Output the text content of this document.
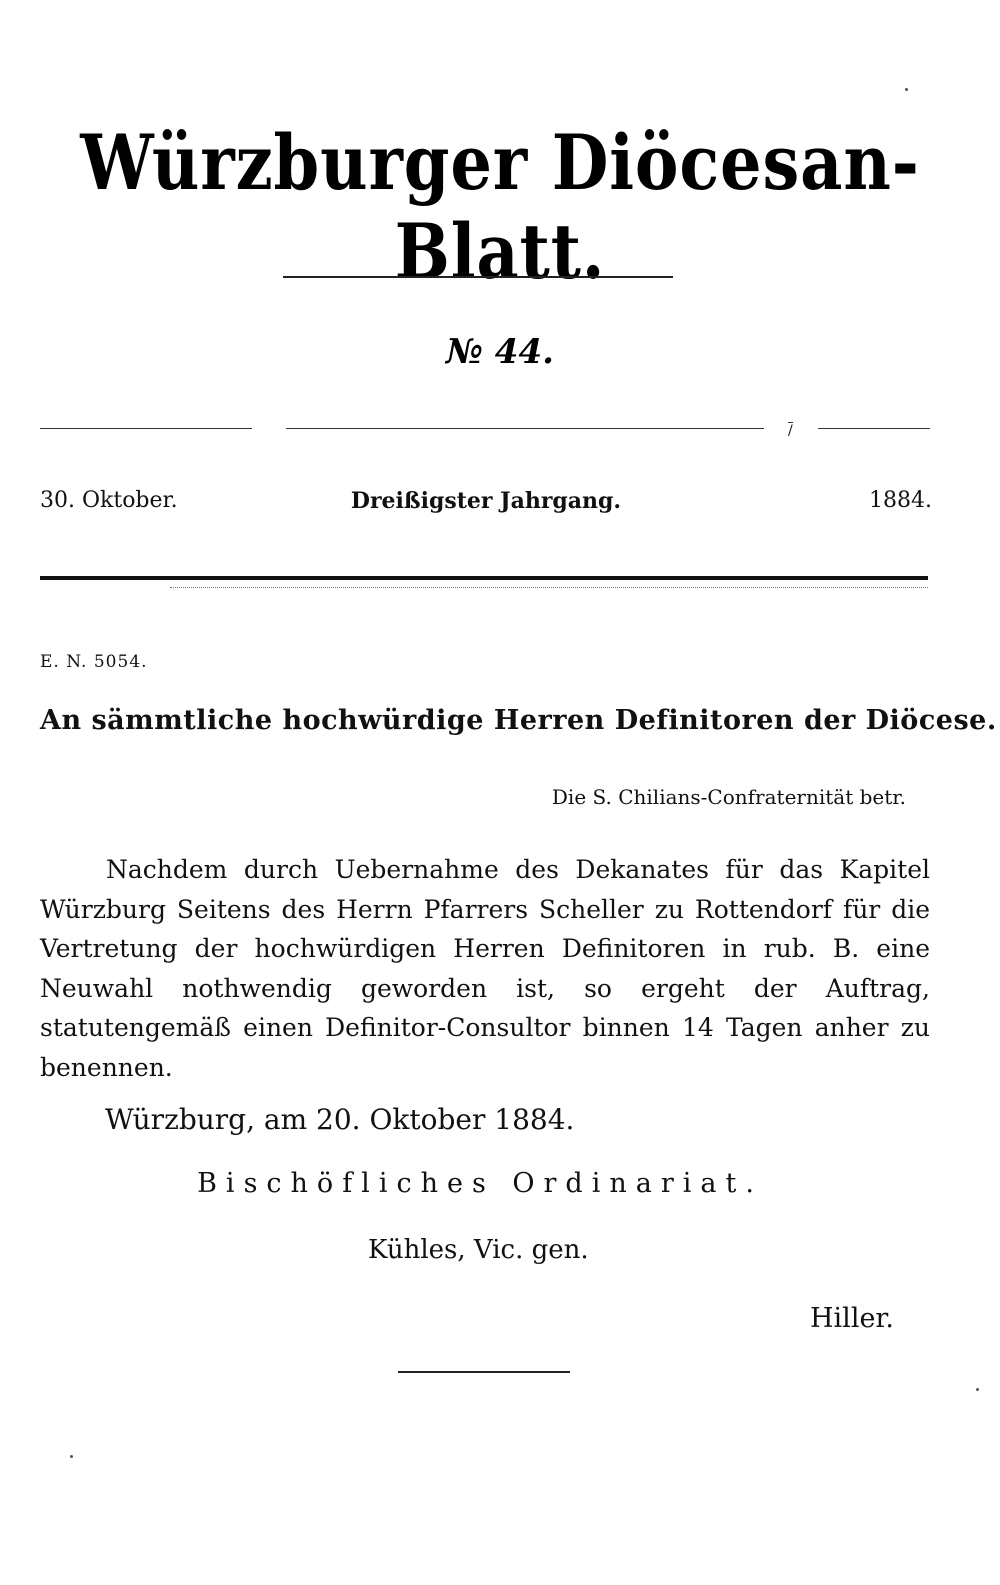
Würzburger Diöcesan-Blatt.
№ 44.
/
Dreißigster Jahrgang.
30. Oktober.	1884.
E. N. 5054.
An sämmtliche hochwürdige Herren Definitoren der Diöcese.
Die S. Chilians-Confraternität betr.
Nachdem durch Uebernahme des Dekanates für das Kapitel Würzburg Seitens des Herrn Pfarrers Scheller zu Rottendorf für die Vertretung der hochwürdigen Herren Definitoren in rub. B. eine Neuwahl nothwendig geworden ist, so ergeht der Auftrag, statutengemäß einen Definitor-Consultor binnen 14 Tagen anher zu benennen.
Würzburg, am 20. Oktober 1884.
Bischöfliches Ordinariat.
Kühles, Vic. gen.
Hiller.
